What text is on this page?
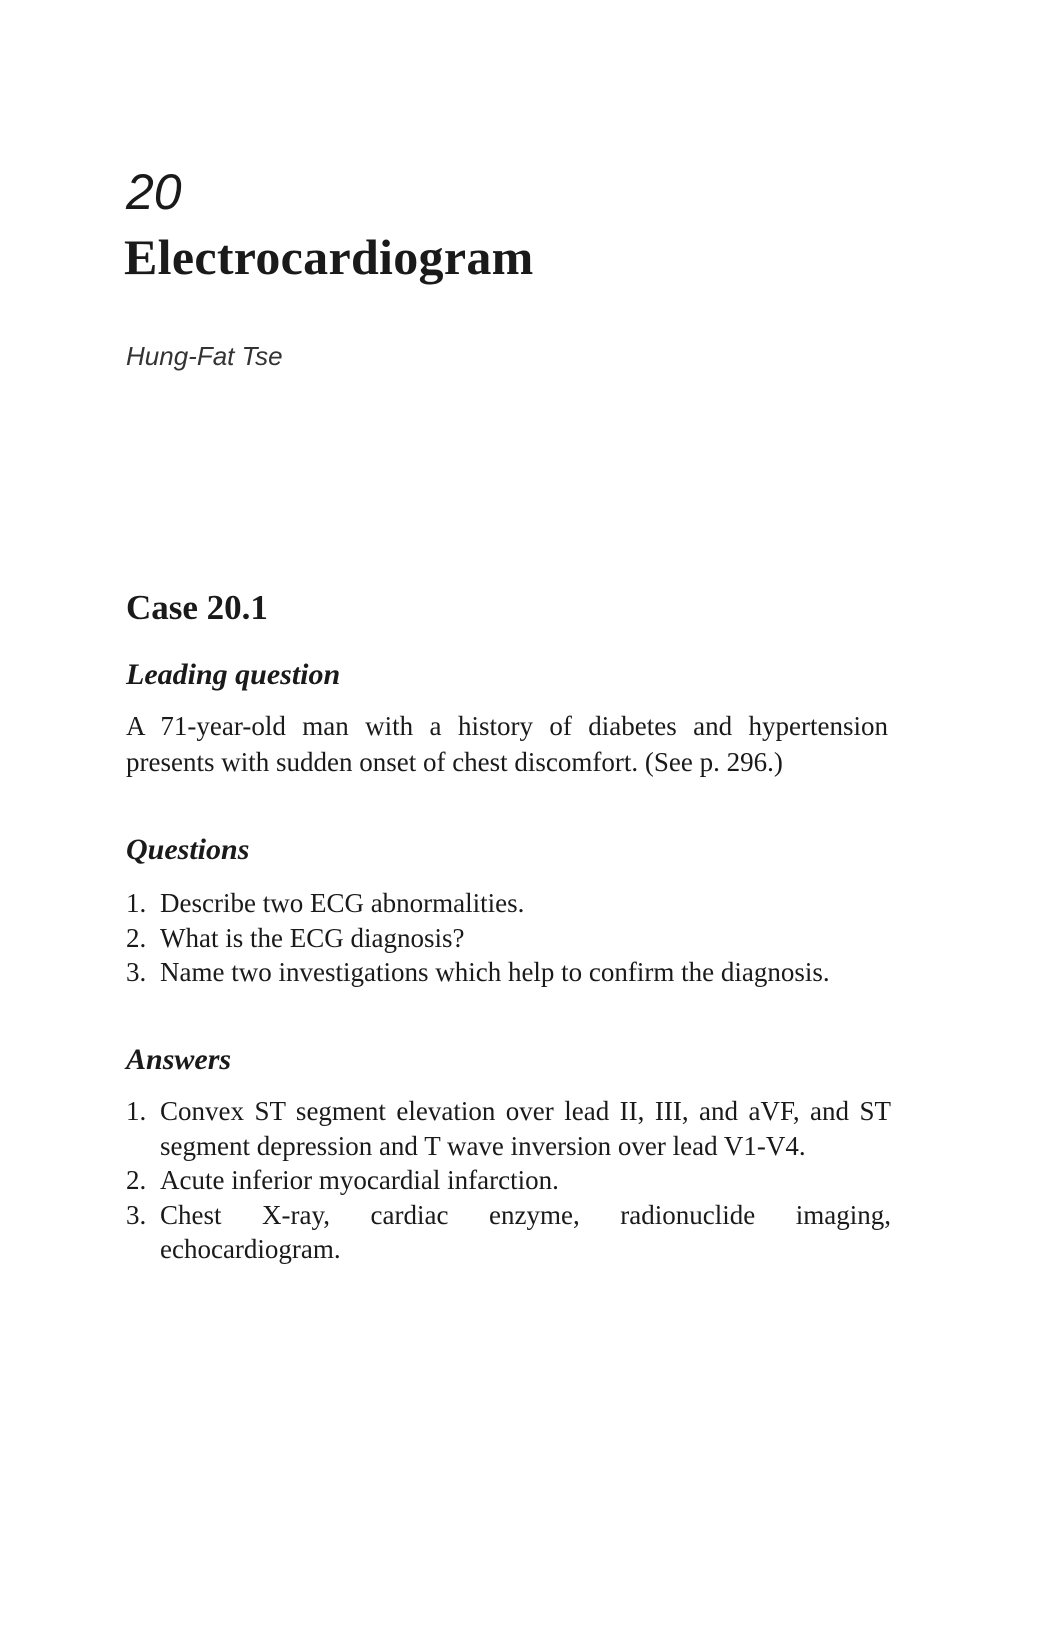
20
Electrocardiogram
Hung-Fat Tse
Case 20.1
Leading question
A 71-year-old man with a history of diabetes and hypertension presents with sudden onset of chest discomfort. (See p. 296.)
Questions
1. Describe two ECG abnormalities.
2. What is the ECG diagnosis?
3. Name two investigations which help to confirm the diagnosis.
Answers
1. Convex ST segment elevation over lead II, III, and aVF, and ST segment depression and T wave inversion over lead V1-V4.
2. Acute inferior myocardial infarction.
3. Chest X-ray, cardiac enzyme, radionuclide imaging, echocardiogram.
